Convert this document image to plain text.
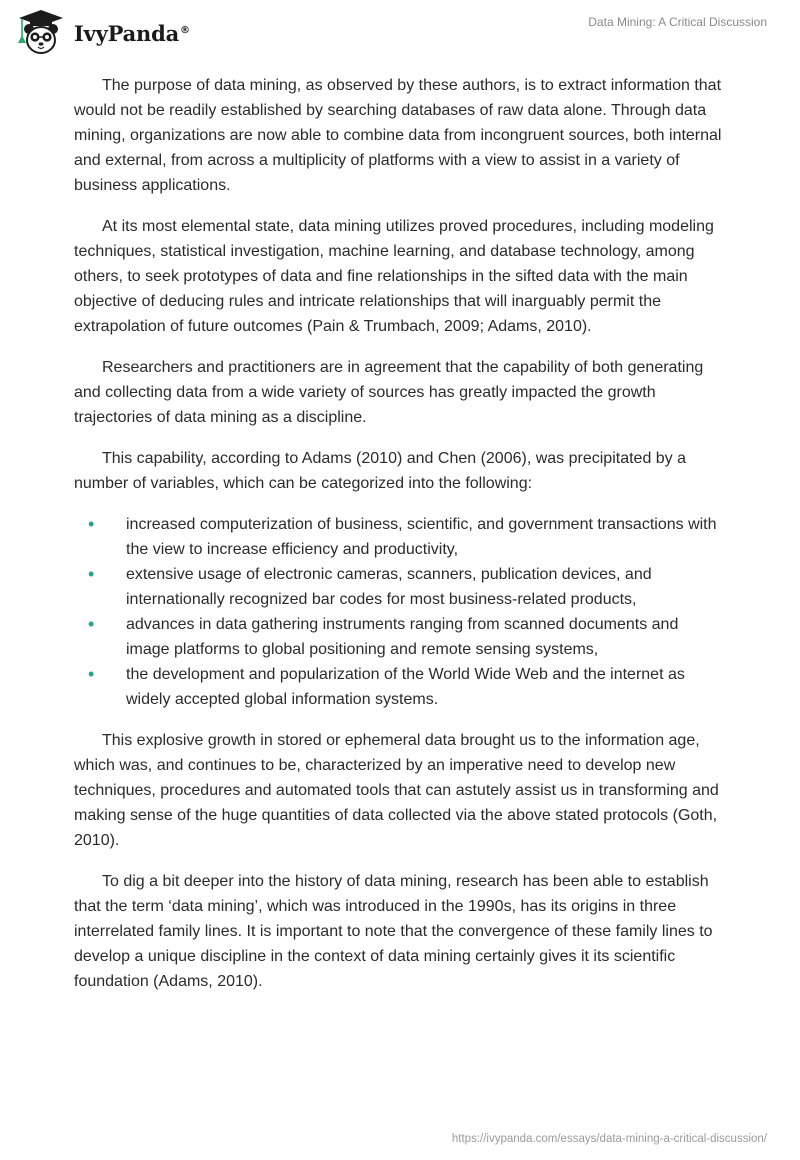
IvyPanda®
Data Mining: A Critical Discussion

The purpose of data mining, as observed by these authors, is to extract information that would not be readily established by searching databases of raw data alone. Through data mining, organizations are now able to combine data from incongruent sources, both internal and external, from across a multiplicity of platforms with a view to assist in a variety of business applications.

At its most elemental state, data mining utilizes proved procedures, including modeling techniques, statistical investigation, machine learning, and database technology, among others, to seek prototypes of data and fine relationships in the sifted data with the main objective of deducing rules and intricate relationships that will inarguably permit the extrapolation of future outcomes (Pain & Trumbach, 2009; Adams, 2010).

Researchers and practitioners are in agreement that the capability of both generating and collecting data from a wide variety of sources has greatly impacted the growth trajectories of data mining as a discipline.

This capability, according to Adams (2010) and Chen (2006), was precipitated by a number of variables, which can be categorized into the following:

• increased computerization of business, scientific, and government transactions with the view to increase efficiency and productivity,
• extensive usage of electronic cameras, scanners, publication devices, and internationally recognized bar codes for most business-related products,
• advances in data gathering instruments ranging from scanned documents and image platforms to global positioning and remote sensing systems,
• the development and popularization of the World Wide Web and the internet as widely accepted global information systems.

This explosive growth in stored or ephemeral data brought us to the information age, which was, and continues to be, characterized by an imperative need to develop new techniques, procedures and automated tools that can astutely assist us in transforming and making sense of the huge quantities of data collected via the above stated protocols (Goth, 2010).

To dig a bit deeper into the history of data mining, research has been able to establish that the term ‘data mining’, which was introduced in the 1990s, has its origins in three interrelated family lines. It is important to note that the convergence of these family lines to develop a unique discipline in the context of data mining certainly gives it its scientific foundation (Adams, 2010).

https://ivypanda.com/essays/data-mining-a-critical-discussion/
